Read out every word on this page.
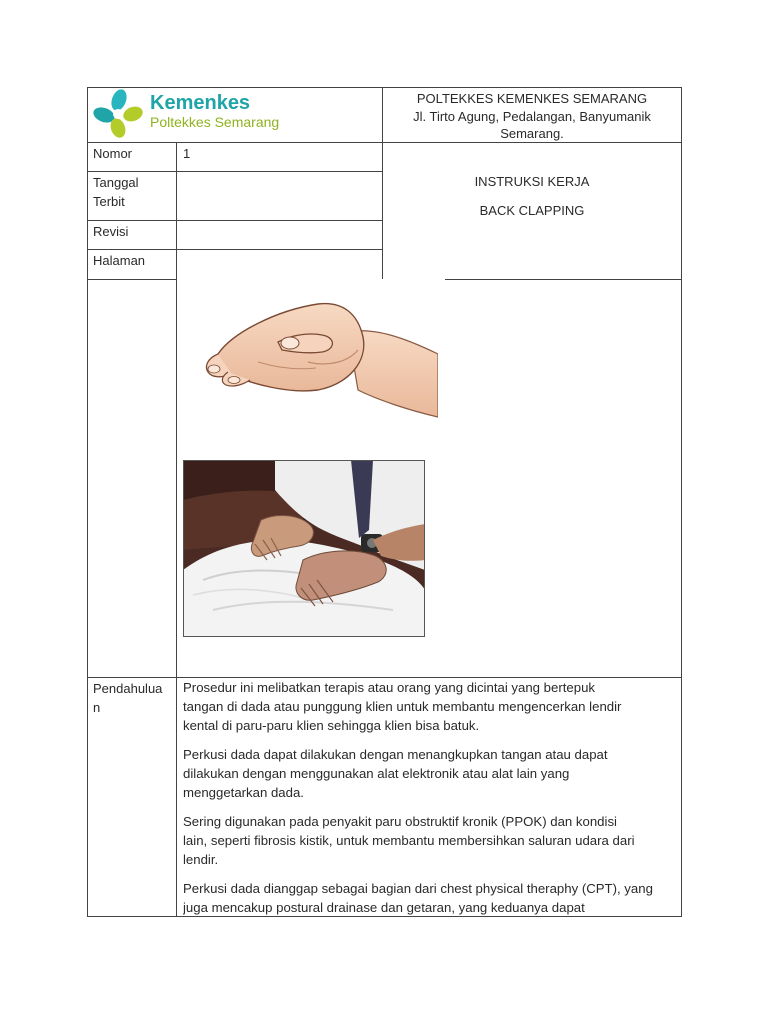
Kemenkes
Poltekkes Semarang
POLTEKKES KEMENKES SEMARANG
Jl. Tirto Agung, Pedalangan, Banyumanik
Semarang.
Nomor	1
Tanggal
Terbit
Revisi
Halaman
INSTRUKSI KERJA
BACK CLAPPING
Pendahulua
n
Prosedur ini melibatkan terapis atau orang yang dicintai yang bertepuk
tangan di dada atau punggung klien untuk membantu mengencerkan lendir
kental di paru-paru klien sehingga klien bisa batuk.
Perkusi dada dapat dilakukan dengan menangkupkan tangan atau dapat
dilakukan dengan menggunakan alat elektronik atau alat lain yang
menggetarkan dada.
Sering digunakan pada penyakit paru obstruktif kronik (PPOK) dan kondisi
lain, seperti fibrosis kistik, untuk membantu membersihkan saluran udara dari
lendir.
Perkusi dada dianggap sebagai bagian dari chest physical theraphy (CPT), yang
juga mencakup postural drainase dan getaran, yang keduanya dapat
